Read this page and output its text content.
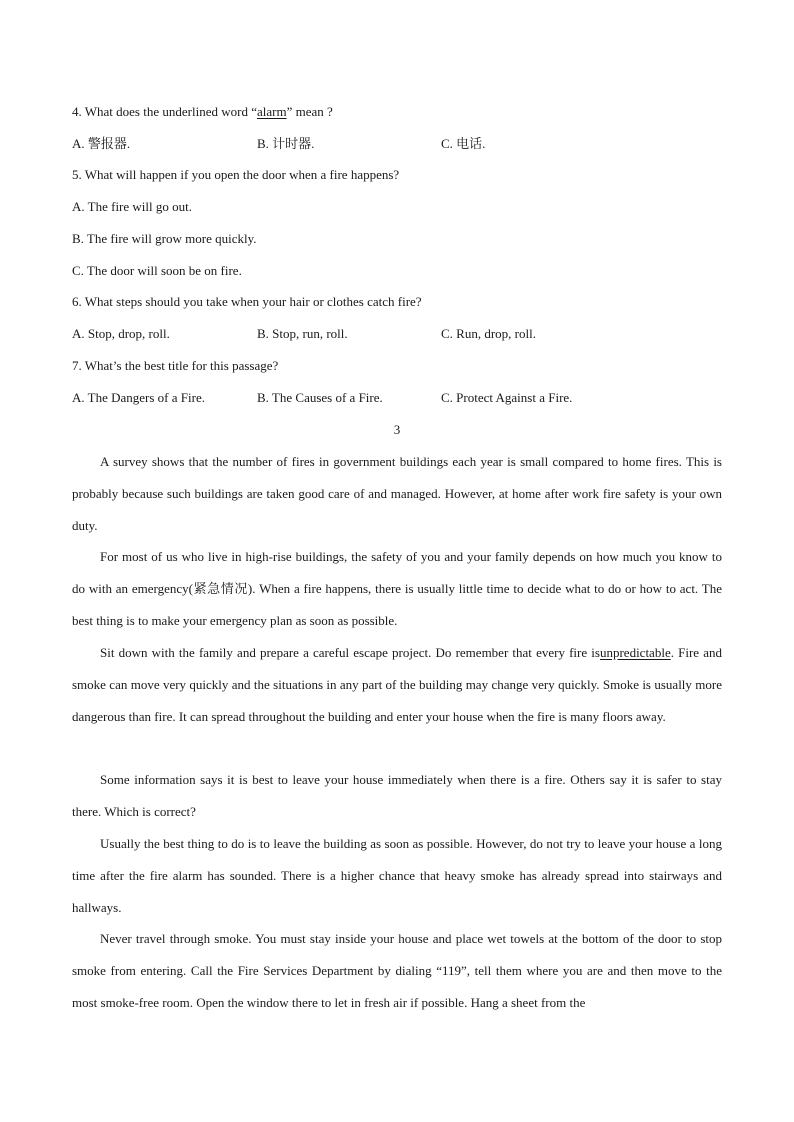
4. What does the underlined word “alarm” mean ?
A. 警报器.	B. 计时器.	C. 电话.
5. What will happen if you open the door when a fire happens?
A. The fire will go out.
B. The fire will grow more quickly.
C. The door will soon be on fire.
6. What steps should you take when your hair or clothes catch fire?
A. Stop, drop, roll.	B. Stop, run, roll.	C. Run, drop, roll.
7. What’s the best title for this passage?
A. The Dangers of a Fire.	B. The Causes of a Fire.	C. Protect Against a Fire.
3

A survey shows that the number of fires in government buildings each year is small compared to home fires. This is probably because such buildings are taken good care of and managed. However, at home after work fire safety is your own duty.

For most of us who live in high-rise buildings, the safety of you and your family depends on how much you know to do with an emergency(紧急情况). When a fire happens, there is usually little time to decide what to do or how to act. The best thing is to make your emergency plan as soon as possible.

Sit down with the family and prepare a careful escape project. Do remember that every fire isunpredictable. Fire and smoke can move very quickly and the situations in any part of the building may change very quickly. Smoke is usually more dangerous than fire. It can spread throughout the building and enter your house when the fire is many floors away.

Some information says it is best to leave your house immediately when there is a fire. Others say it is safer to stay there. Which is correct?

Usually the best thing to do is to leave the building as soon as possible. However, do not try to leave your house a long time after the fire alarm has sounded. There is a higher chance that heavy smoke has already spread into stairways and hallways.

Never travel through smoke. You must stay inside your house and place wet towels at the bottom of the door to stop smoke from entering. Call the Fire Services Department by dialing “119”, tell them where you are and then move to the most smoke-free room. Open the window there to let in fresh air if possible. Hang a sheet from the
